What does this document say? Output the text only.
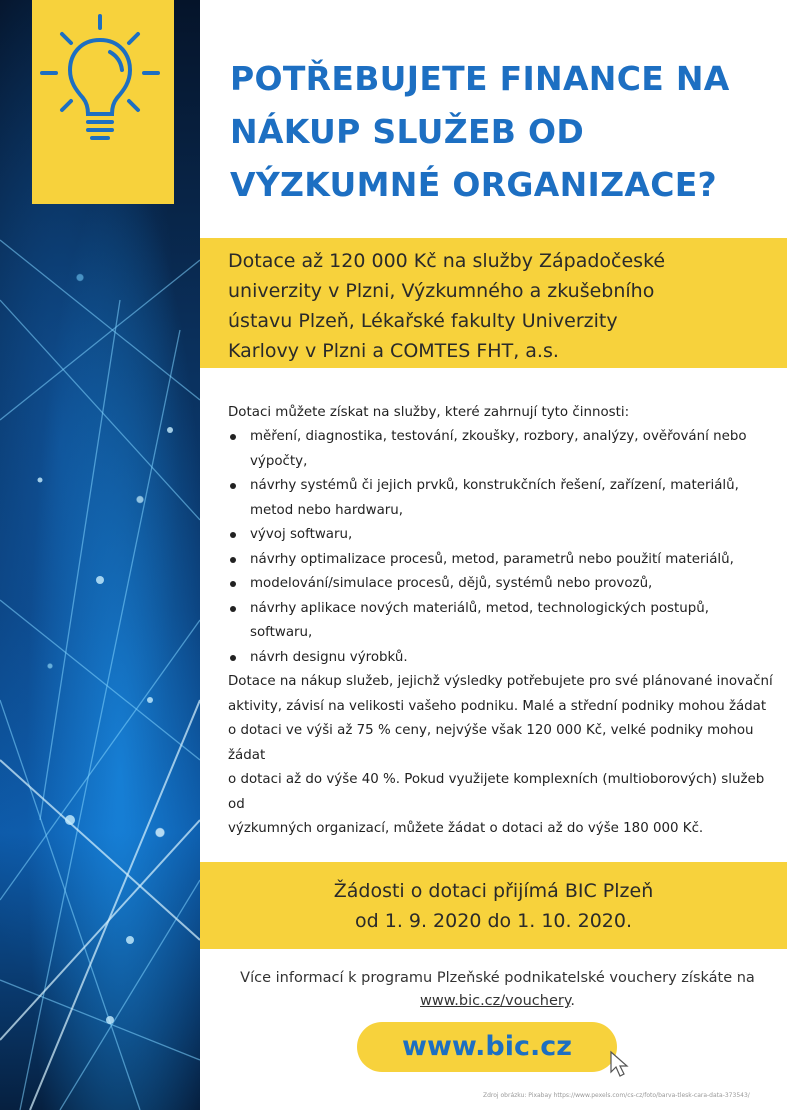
POTŘEBUJETE FINANCE NA
NÁKUP SLUŽEB OD
VÝZKUMNÉ ORGANIZACE?

Dotace až 120 000 Kč na služby Západočeské
univerzity v Plzni, Výzkumného a zkušebního
ústavu Plzeň, Lékařské fakulty Univerzity
Karlovy v Plzni a COMTES FHT, a.s.

Dotaci můžete získat na služby, které zahrnují tyto činnosti:

měření, diagnostika, testování, zkoušky, rozbory, analýzy, ověřování nebo výpočty,
návrhy systémů či jejich prvků, konstrukčních řešení, zařízení, materiálů, metod nebo hardwaru,
vývoj softwaru,
návrhy optimalizace procesů, metod, parametrů nebo použití materiálů,
modelování/simulace procesů, dějů, systémů nebo provozů,
návrhy aplikace nových materiálů, metod, technologických postupů, softwaru,
návrh designu výrobků.
Dotace na nákup služeb, jejichž výsledky potřebujete pro své plánované inovační
aktivity, závisí na velikosti vašeho podniku. Malé a střední podniky mohou žádat
o dotaci ve výši až 75 % ceny, nejvýše však 120 000 Kč, velké podniky mohou žádat
o dotaci až do výše 40 %. Pokud využijete komplexních (multioborových) služeb od
výzkumných organizací, můžete žádat o dotaci až do výše 180 000 Kč.

Žádosti o dotaci přijímá BIC Plzeň
od 1. 9. 2020 do 1. 10. 2020.

Více informací k programu Plzeňské podnikatelské vouchery získáte na
www.bic.cz/vouchery.
www.bic.cz
Zdroj obrázku: Pixabay https://www.pexels.com/cs-cz/foto/barva-tlesk-cara-data-373543/
